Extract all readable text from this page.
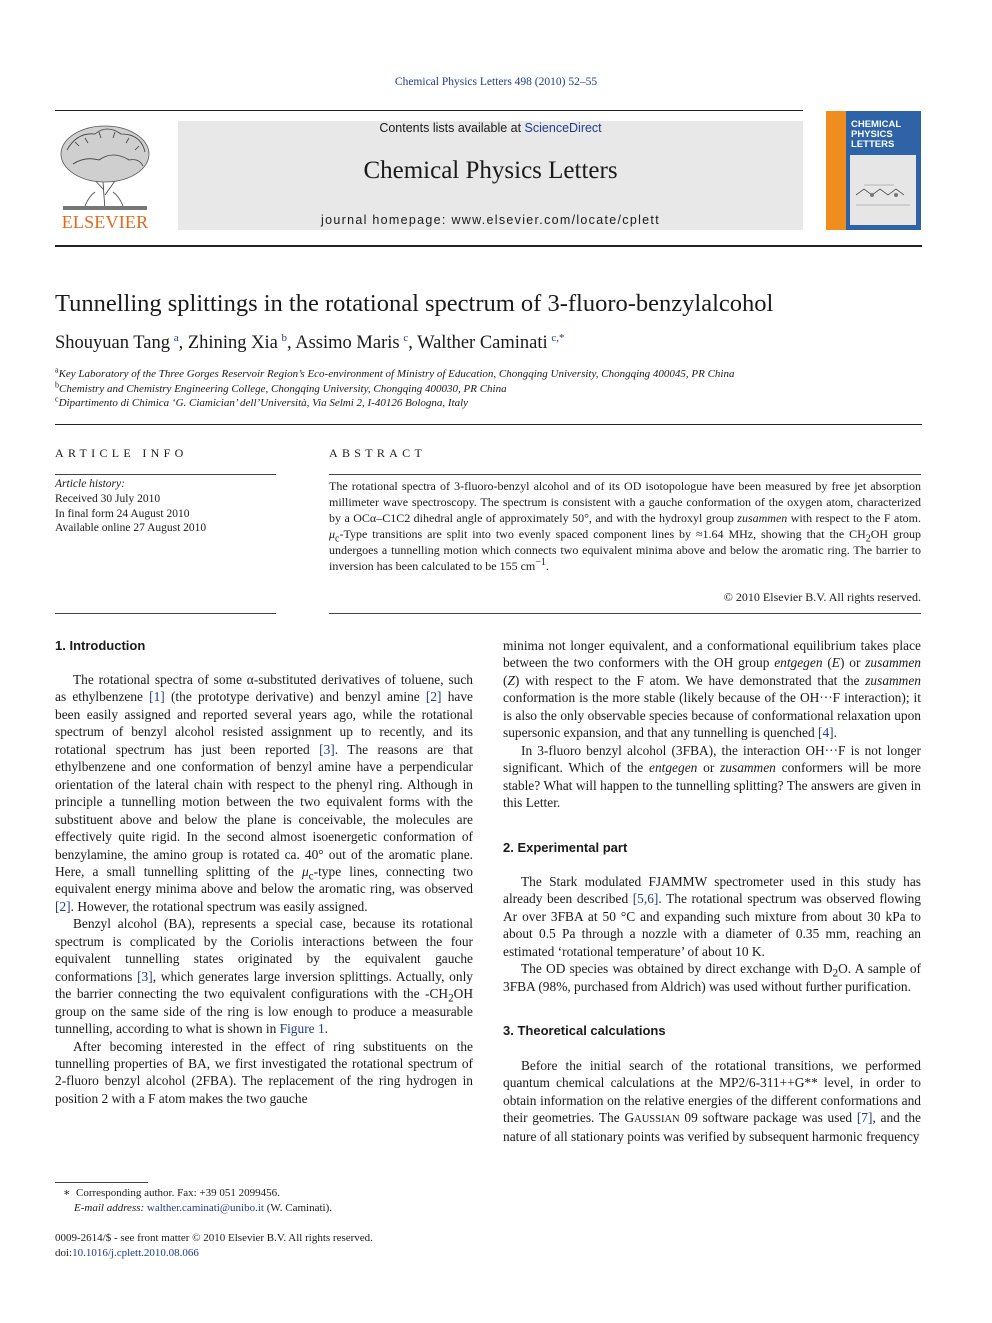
Chemical Physics Letters 498 (2010) 52–55
ELSEVIER
Contents lists available at ScienceDirect
Chemical Physics Letters
journal homepage: www.elsevier.com/locate/cplett
CHEMICAL
PHYSICS
LETTERS
Tunnelling splittings in the rotational spectrum of 3-fluoro-benzylalcohol
Shouyuan Tang  $^a$, Zhining Xia  $^b$, Assimo Maris  $^c$, Walther Caminati  $^{c,*}$
$^a$Key Laboratory of the Three Gorges Reservoir Region’s Eco-environment of Ministry of Education, Chongqing University, Chongqing 400045, PR China
$^b$Chemistry and Chemistry Engineering College, Chongqing University, Chongqing 400030, PR China
$^c$Dipartimento di Chimica ‘G. Ciamician’ dell’Università, Via Selmi 2, I-40126 Bologna, Italy
ARTICLE INFO
Article history:
Received 30 July 2010
In final form 24 August 2010
Available online 27 August 2010
ABSTRACT
The rotational spectra of 3-fluoro-benzyl alcohol and of its OD isotopologue have been measured by free jet absorption millimeter wave spectroscopy. The spectrum is consistent with a gauche conformation of the oxygen atom, characterized by a OCα–C1C2 dihedral angle of approximately 50°, and with the hydroxyl group zusammen with respect to the F atom. $\mu_c$-Type transitions are split into two evenly spaced component lines by ≈1.64 MHz, showing that the $CH_2OH$ group undergoes a tunnelling motion which connects two equivalent minima above and below the aromatic ring. The barrier to inversion has been calculated to be 155 $cm^{-1}$.
© 2010 Elsevier B.V. All rights reserved.
1. Introduction

The rotational spectra of some α-substituted derivatives of toluene, such as ethylbenzene [1] (the prototype derivative) and benzyl amine [2] have been easily assigned and reported several years ago, while the rotational spectrum of benzyl alcohol resisted assignment up to recently, and its rotational spectrum has just been reported [3]. The reasons are that ethylbenzene and one conformation of benzyl amine have a perpendicular orientation of the lateral chain with respect to the phenyl ring. Although in principle a tunnelling motion between the two equivalent forms with the substituent above and below the plane is conceivable, the molecules are effectively quite rigid. In the second almost isoenergetic conformation of benzylamine, the amino group is rotated ca. 40° out of the aromatic plane. Here, a small tunnelling splitting of the $\mu_c$-type lines, connecting two equivalent energy minima above and below the aromatic ring, was observed [2]. However, the rotational spectrum was easily assigned.

Benzyl alcohol (BA), represents a special case, because its rotational spectrum is complicated by the Coriolis interactions between the four equivalent tunnelling states originated by the equivalent gauche conformations [3], which generates large inversion splittings. Actually, only the barrier connecting the two equivalent configurations with the $-CH_2OH$ group on the same side of the ring is low enough to produce a measurable tunnelling, according to what is shown in Figure 1.

After becoming interested in the effect of ring substituents on the tunnelling properties of BA, we first investigated the rotational spectrum of 2-fluoro benzyl alcohol (2FBA). The replacement of the ring hydrogen in position 2 with a F atom makes the two gauche

minima not longer equivalent, and a conformational equilibrium takes place between the two conformers with the OH group entgegen (E) or zusammen (Z) with respect to the F atom. We have demonstrated that the zusammen conformation is the more stable (likely because of the OH···F interaction); it is also the only observable species because of conformational relaxation upon supersonic expansion, and that any tunnelling is quenched [4].

In 3-fluoro benzyl alcohol (3FBA), the interaction OH···F is not longer significant. Which of the entgegen or zusammen conformers will be more stable? What will happen to the tunnelling splitting? The answers are given in this Letter.

2. Experimental part

The Stark modulated FJAMMW spectrometer used in this study has already been described [5,6]. The rotational spectrum was observed flowing Ar over 3FBA at 50 °C and expanding such mixture from about 30 kPa to about 0.5 Pa through a nozzle with a diameter of 0.35 mm, reaching an estimated ‘rotational temperature’ of about 10 K.

The OD species was obtained by direct exchange with $D_2O$. A sample of 3FBA (98%, purchased from Aldrich) was used without further purification.

3. Theoretical calculations

Before the initial search of the rotational transitions, we performed quantum chemical calculations at the MP2/6-311++G** level, in order to obtain information on the relative energies of the different conformations and their geometries. The GAUSSIAN 09 software package was used [7], and the nature of all stationary points was verified by subsequent harmonic frequency

∗  Corresponding author. Fax: +39 051 2099456.
E-mail address: walther.caminati@unibo.it (W. Caminati).
0009-2614/$ - see front matter © 2010 Elsevier B.V. All rights reserved.
doi:10.1016/j.cplett.2010.08.066
